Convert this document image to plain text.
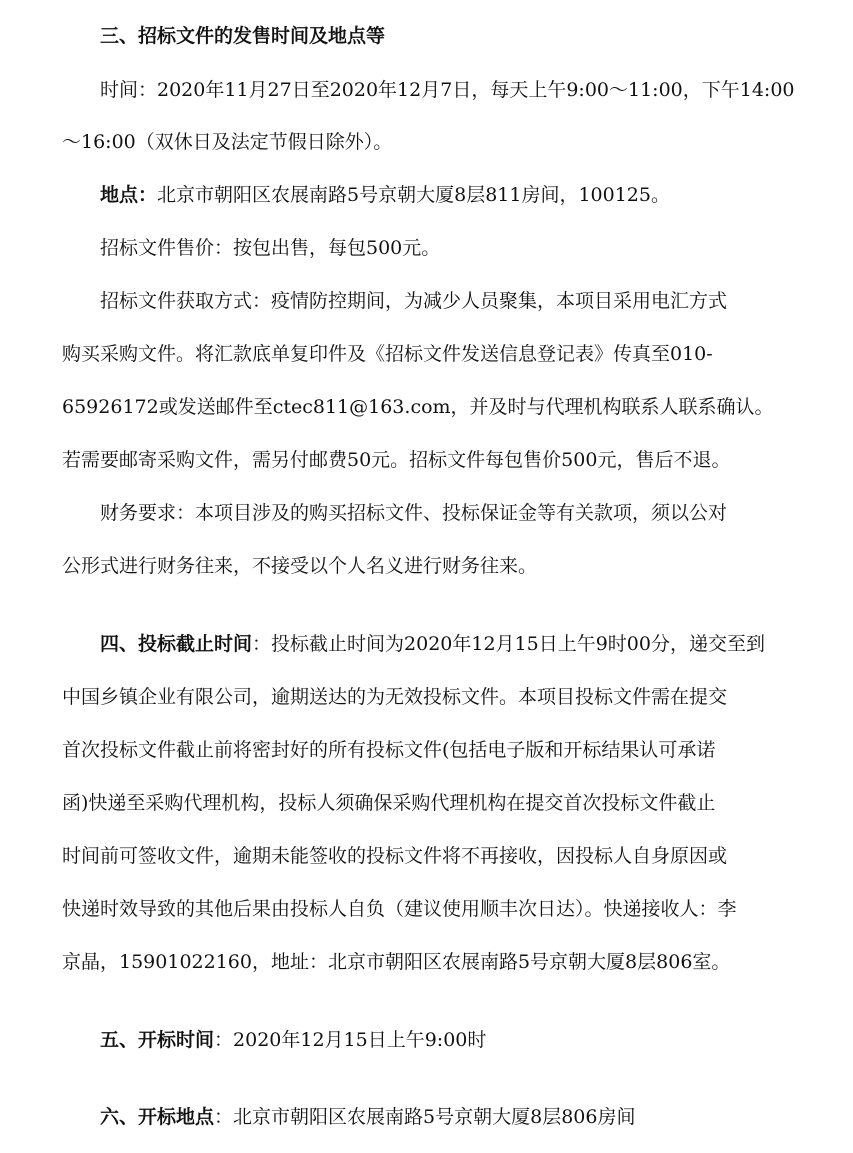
三、招标文件的发售时间及地点等
时间：2020年11月27日至2020年12月7日，每天上午9:00～11:00，下午14:00
～16:00（双休日及法定节假日除外）。
地点：北京市朝阳区农展南路5号京朝大厦8层811房间，100125。
招标文件售价：按包出售，每包500元。
招标文件获取方式：疫情防控期间，为减少人员聚集，本项目采用电汇方式
购买采购文件。将汇款底单复印件及《招标文件发送信息登记表》传真至010-
65926172或发送邮件至ctec811@163.com，并及时与代理机构联系人联系确认。
若需要邮寄采购文件，需另付邮费50元。招标文件每包售价500元，售后不退。
财务要求：本项目涉及的购买招标文件、投标保证金等有关款项，须以公对
公形式进行财务往来，不接受以个人名义进行财务往来。
四、投标截止时间：投标截止时间为2020年12月15日上午9时00分，递交至到
中国乡镇企业有限公司，逾期送达的为无效投标文件。本项目投标文件需在提交
首次投标文件截止前将密封好的所有投标文件(包括电子版和开标结果认可承诺
函)快递至采购代理机构，投标人须确保采购代理机构在提交首次投标文件截止
时间前可签收文件，逾期未能签收的投标文件将不再接收，因投标人自身原因或
快递时效导致的其他后果由投标人自负（建议使用顺丰次日达）。快递接收人：李
京晶，15901022160，地址：北京市朝阳区农展南路5号京朝大厦8层806室。
五、开标时间：2020年12月15日上午9:00时
六、开标地点：北京市朝阳区农展南路5号京朝大厦8层806房间
